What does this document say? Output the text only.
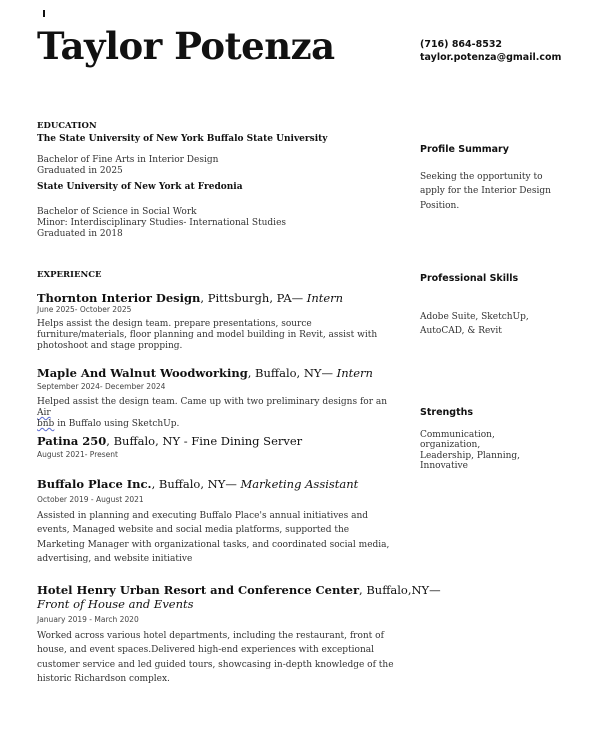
Taylor Potenza	(716) 864-8532
taylor.potenza@gmail.com
EDUCATION
The State University of New York Buffalo State University
Bachelor of Fine Arts in Interior Design
Graduated in 2025
State University of New York at Fredonia
Bachelor of Science in Social Work
Minor: Interdisciplinary Studies- International Studies
Graduated in 2018
EXPERIENCE
Thornton Interior Design, Pittsburgh, PA— Intern
June 2025- October 2025
Helps assist the design team. prepare presentations, source furniture/materials, floor planning and model building in Revit, assist with photoshoot and stage propping.
Maple And Walnut Woodworking, Buffalo, NY— Intern
September 2024- December 2024
Helped assist the design team. Came up with two preliminary designs for an Air
bnb in Buffalo using SketchUp.
Patina 250, Buffalo, NY - Fine Dining Server
August 2021- Present
Buffalo Place Inc., Buffalo, NY— Marketing Assistant
October 2019 - August 2021
Assisted in planning and executing Buffalo Place's annual initiatives and events, Managed website and social media platforms, supported the Marketing Manager with organizational tasks, and coordinated social media, advertising, and website initiative
Hotel Henry Urban Resort and Conference Center, Buffalo,NY—
Front of House and Events
January 2019 - March 2020
Worked across various hotel departments, including the restaurant, front of house, and event spaces.Delivered high-end experiences with exceptional customer service and led guided tours, showcasing in-depth knowledge of the historic Richardson complex.
Profile Summary
Seeking the opportunity to apply for the Interior Design Position.
Professional Skills
Adobe Suite, SketchUp, AutoCAD, & Revit
Strengths
Communication, organization, Leadership, Planning, Innovative
